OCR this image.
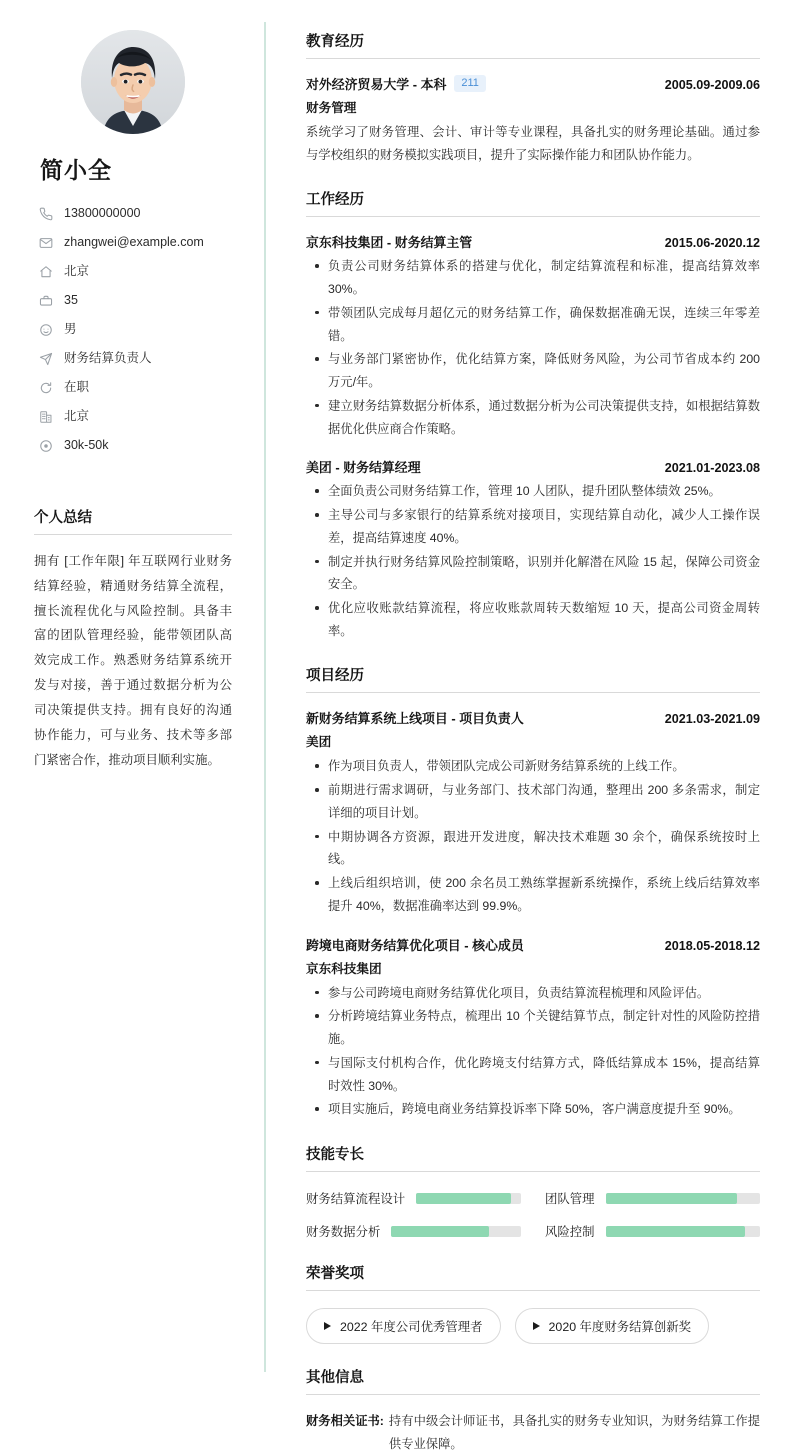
简小全
13800000000
zhangwei@example.com
北京
35
男
财务结算负责人
在职
北京
30k-50k
个人总结

拥有 [工作年限] 年互联网行业财务结算经验，精通财务结算全流程，擅长流程优化与风险控制。具备丰富的团队管理经验，能带领团队高效完成工作。熟悉财务结算系统开发与对接，善于通过数据分析为公司决策提供支持。拥有良好的沟通协作能力，可与业务、技术等多部门紧密合作，推动项目顺利实施。

教育经历
对外经济贸易大学 - 本科	211	2005.09-2009.06
财务管理
系统学习了财务管理、会计、审计等专业课程，具备扎实的财务理论基础。通过参与学校组织的财务模拟实践项目，提升了实际操作能力和团队协作能力。
工作经历
京东科技集团 - 财务结算主管	2015.06-2020.12
负责公司财务结算体系的搭建与优化，制定结算流程和标准，提高结算效率 30%。
带领团队完成每月超亿元的财务结算工作，确保数据准确无误，连续三年零差错。
与业务部门紧密协作，优化结算方案，降低财务风险，为公司节省成本约 200 万元/年。
建立财务结算数据分析体系，通过数据分析为公司决策提供支持，如根据结算数据优化供应商合作策略。
美团 - 财务结算经理	2021.01-2023.08
全面负责公司财务结算工作，管理 10 人团队，提升团队整体绩效 25%。
主导公司与多家银行的结算系统对接项目，实现结算自动化，减少人工操作误差，提高结算速度 40%。
制定并执行财务结算风险控制策略，识别并化解潜在风险 15 起，保障公司资金安全。
优化应收账款结算流程，将应收账款周转天数缩短 10 天，提高公司资金周转率。
项目经历
新财务结算系统上线项目 - 项目负责人	2021.03-2021.09
美团
作为项目负责人，带领团队完成公司新财务结算系统的上线工作。
前期进行需求调研，与业务部门、技术部门沟通，整理出 200 多条需求，制定详细的项目计划。
中期协调各方资源，跟进开发进度，解决技术难题 30 余个，确保系统按时上线。
上线后组织培训，使 200 余名员工熟练掌握新系统操作，系统上线后结算效率提升 40%，数据准确率达到 99.9%。
跨境电商财务结算优化项目 - 核心成员	2018.05-2018.12
京东科技集团
参与公司跨境电商财务结算优化项目，负责结算流程梳理和风险评估。
分析跨境结算业务特点，梳理出 10 个关键结算节点，制定针对性的风险防控措施。
与国际支付机构合作，优化跨境支付结算方式，降低结算成本 15%，提高结算时效性 30%。
项目实施后，跨境电商业务结算投诉率下降 50%，客户满意度提升至 90%。
技能专长
财务结算流程设计	团队管理
财务数据分析	风险控制
荣誉奖项
2022 年度公司优秀管理者	2020 年度财务结算创新奖
其他信息
财务相关证书: 持有中级会计师证书，具备扎实的财务专业知识，为财务结算工作提供专业保障。
